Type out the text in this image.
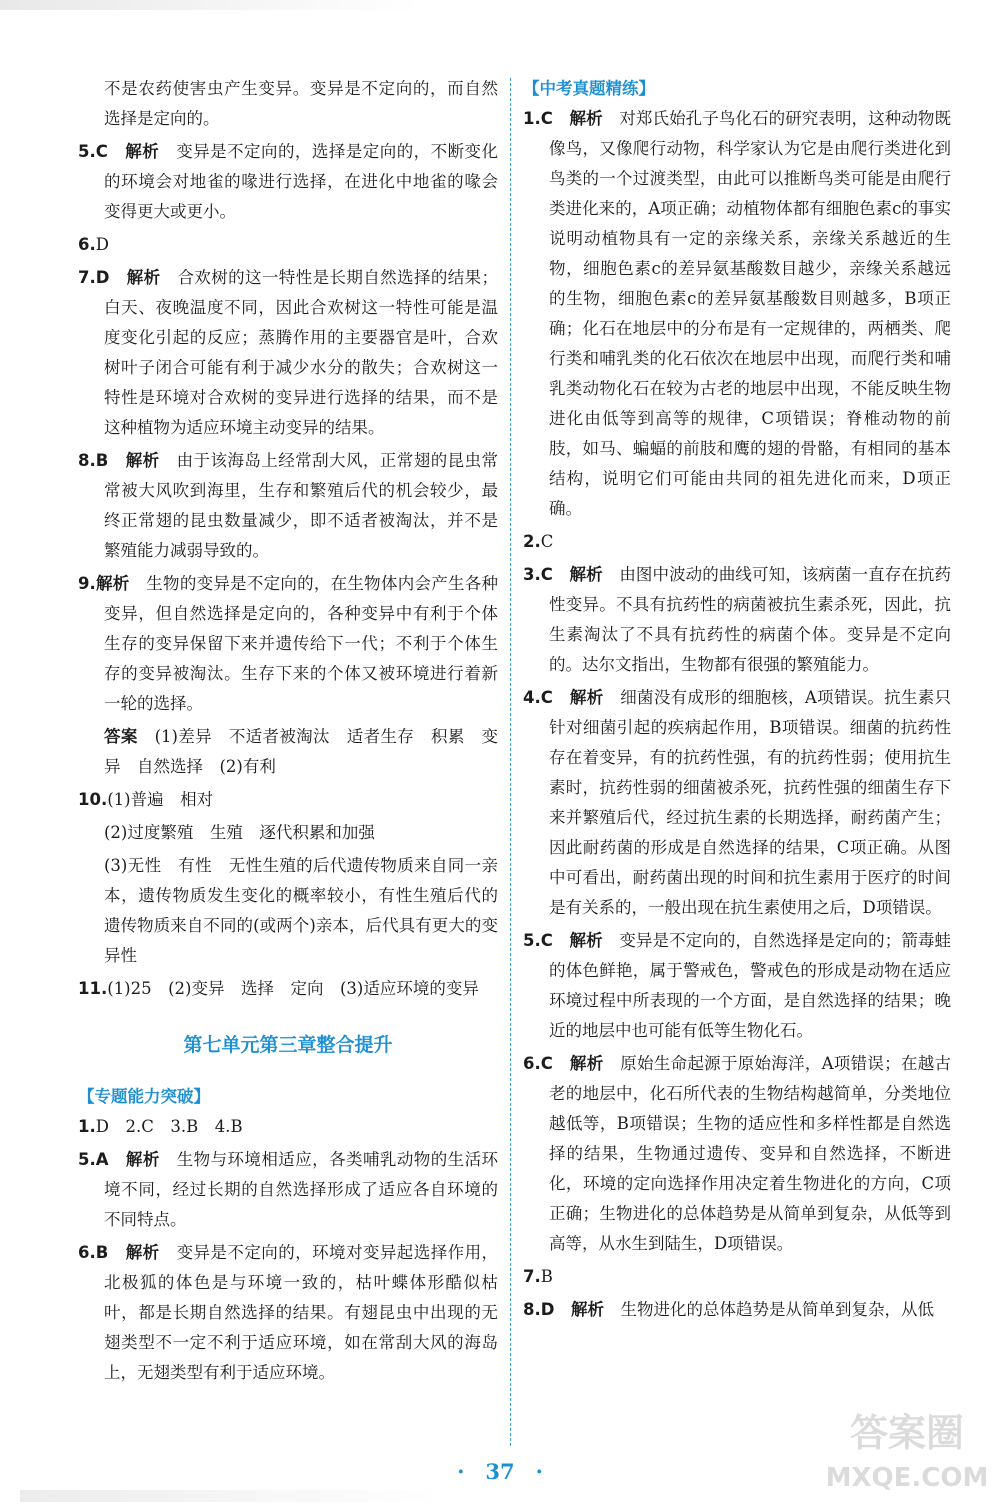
不是农药使害虫产生变异。变异是不定向的，而自然选择是定向的。

5.C　解析　 变异是不定向的，选择是定向的，不断变化的环境会对地雀的喙进行选择，在进化中地雀的喙会变得更大或更小。

6.D

7.D　解析　 合欢树的这一特性是长期自然选择的结果；白天、夜晚温度不同，因此合欢树这一特性可能是温度变化引起的反应；蒸腾作用的主要器官是叶，合欢树叶子闭合可能有利于减少水分的散失；合欢树这一特性是环境对合欢树的变异进行选择的结果，而不是这种植物为适应环境主动变异的结果。

8.B　解析　 由于该海岛上经常刮大风，正常翅的昆虫常常被大风吹到海里，生存和繁殖后代的机会较少，最终正常翅的昆虫数量减少，即不适者被淘汰，并不是繁殖能力减弱导致的。

9.解析　 生物的变异是不定向的，在生物体内会产生各种变异，但自然选择是定向的，各种变异中有利于个体生存的变异保留下来并遗传给下一代；不利于个体生存的变异被淘汰。生存下来的个体又被环境进行着新一轮的选择。

答案　 (1)差异　不适者被淘汰　适者生存　积累　变异　自然选择　(2)有利

10.(1)普遍　相对

(2)过度繁殖　生殖　逐代积累和加强

(3)无性　有性　无性生殖的后代遗传物质来自同一亲本，遗传物质发生变化的概率较小，有性生殖后代的遗传物质来自不同的(或两个)亲本，后代具有更大的变异性

11.(1)25　(2)变异　选择　定向　(3)适应环境的变异

第七单元第三章整合提升
【专题能力突破】

1.D　2.C　3.B　4.B

5.A　解析　 生物与环境相适应，各类哺乳动物的生活环境不同，经过长期的自然选择形成了适应各自环境的不同特点。

6.B　解析　 变异是不定向的，环境对变异起选择作用，北极狐的体色是与环境一致的，枯叶蝶体形酷似枯叶，都是长期自然选择的结果。有翅昆虫中出现的无翅类型不一定不利于适应环境，如在常刮大风的海岛上，无翅类型有利于适应环境。

【中考真题精练】

1.C　解析　 对郑氏始孔子鸟化石的研究表明，这种动物既像鸟，又像爬行动物，科学家认为它是由爬行类进化到鸟类的一个过渡类型，由此可以推断鸟类可能是由爬行类进化来的，A项正确；动植物体都有细胞色素c的事实说明动植物具有一定的亲缘关系，亲缘关系越近的生物，细胞色素c的差异氨基酸数目越少，亲缘关系越远的生物，细胞色素c的差异氨基酸数目则越多，B项正确；化石在地层中的分布是有一定规律的，两栖类、爬行类和哺乳类的化石依次在地层中出现，而爬行类和哺乳类动物化石在较为古老的地层中出现，不能反映生物进化由低等到高等的规律，C项错误；脊椎动物的前肢，如马、蝙蝠的前肢和鹰的翅的骨骼，有相同的基本结构，说明它们可能由共同的祖先进化而来，D项正确。

2.C

3.C　解析　 由图中波动的曲线可知，该病菌一直存在抗药性变异。不具有抗药性的病菌被抗生素杀死，因此，抗生素淘汰了不具有抗药性的病菌个体。变异是不定向的。达尔文指出，生物都有很强的繁殖能力。

4.C　解析　 细菌没有成形的细胞核，A项错误。抗生素只针对细菌引起的疾病起作用，B项错误。细菌的抗药性存在着变异，有的抗药性强，有的抗药性弱；使用抗生素时，抗药性弱的细菌被杀死，抗药性强的细菌生存下来并繁殖后代，经过抗生素的长期选择，耐药菌产生；因此耐药菌的形成是自然选择的结果，C项正确。从图中可看出，耐药菌出现的时间和抗生素用于医疗的时间是有关系的，一般出现在抗生素使用之后，D项错误。

5.C　解析　 变异是不定向的，自然选择是定向的；箭毒蛙的体色鲜艳，属于警戒色，警戒色的形成是动物在适应环境过程中所表现的一个方面，是自然选择的结果；晚近的地层中也可能有低等生物化石。

6.C　解析　 原始生命起源于原始海洋，A项错误；在越古老的地层中，化石所代表的生物结构越简单，分类地位越低等，B项错误；生物的适应性和多样性都是自然选择的结果，生物通过遗传、变异和自然选择，不断进化，环境的定向选择作用决定着生物进化的方向，C项正确；生物进化的总体趋势是从简单到复杂，从低等到高等，从水生到陆生，D项错误。

7.B

8.D　解析　 生物进化的总体趋势是从简单到复杂，从低

·　37　·
答案圈
MXQE.COM
